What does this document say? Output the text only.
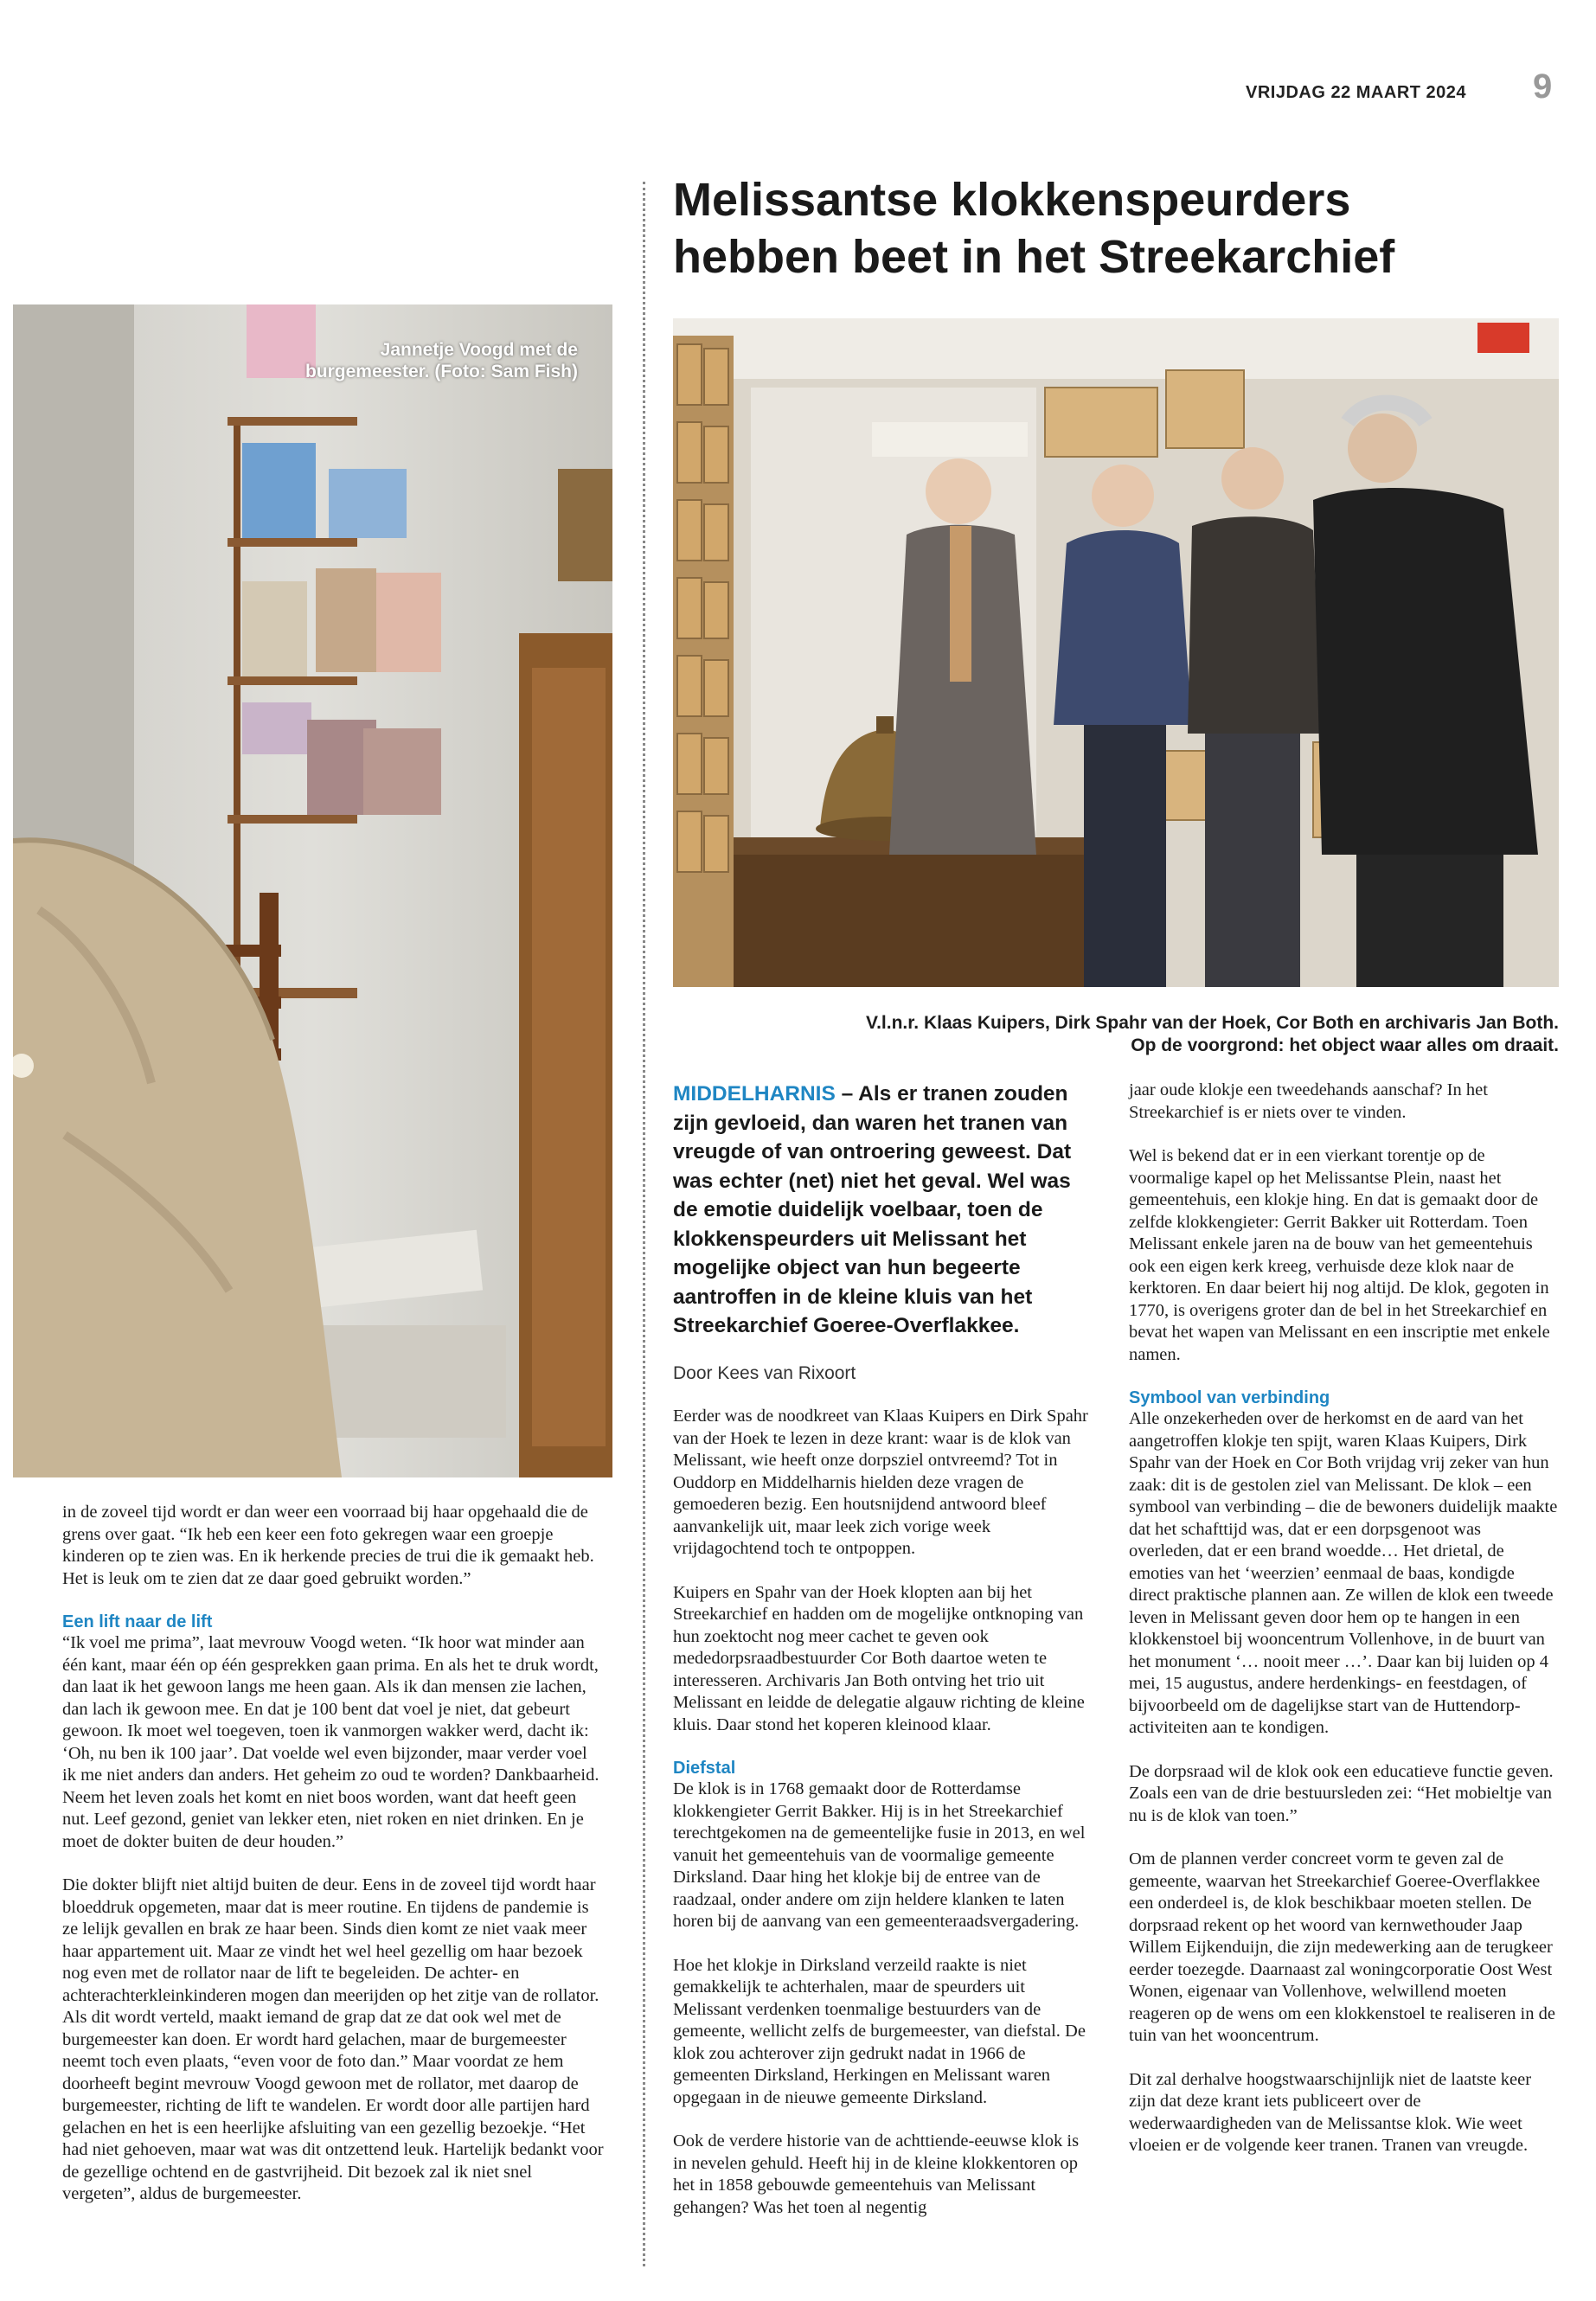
VRIJDAG 22 MAART 2024 9
Melissantse klokkenspeurders
hebben beet in het Streekarchief
Jannetje Voogd met de
burgemeester. (Foto: Sam Fish)
V.l.n.r. Klaas Kuipers, Dirk Spahr van der Hoek, Cor Both en archivaris Jan Both.
Op de voorgrond: het object waar alles om draait.

in de zoveel tijd wordt er dan weer een voorraad bij haar opgehaald die de grens over gaat. “Ik heb een keer een foto gekregen waar een groepje kinderen op te zien was. En ik herkende precies de trui die ik gemaakt heb. Het is leuk om te zien dat ze daar goed gebruikt worden.”

Een lift naar de lift

“Ik voel me prima”, laat mevrouw Voogd weten. “Ik hoor wat minder aan één kant, maar één op één gesprekken gaan prima. En als het te druk wordt, dan laat ik het gewoon langs me heen gaan. Als ik dan mensen zie lachen, dan lach ik gewoon mee. En dat je 100 bent dat voel je niet, dat gebeurt gewoon. Ik moet wel toegeven, toen ik vanmorgen wakker werd, dacht ik: ‘Oh, nu ben ik 100 jaar’. Dat voelde wel even bijzonder, maar verder voel ik me niet anders dan anders. Het geheim zo oud te worden? Dankbaarheid. Neem het leven zoals het komt en niet boos worden, want dat heeft geen nut. Leef gezond, geniet van lekker eten, niet roken en niet drinken. En je moet de dokter buiten de deur houden.”

Die dokter blijft niet altijd buiten de deur. Eens in de zoveel tijd wordt haar bloeddruk opgemeten, maar dat is meer routine. En tijdens de pandemie is ze lelijk gevallen en brak ze haar been. Sinds dien komt ze niet vaak meer haar appartement uit. Maar ze vindt het wel heel gezellig om haar bezoek nog even met de rollator naar de lift te begeleiden. De achter- en achterachterkleinkinderen mogen dan meerijden op het zitje van de rollator. Als dit wordt verteld, maakt iemand de grap dat ze dat ook wel met de burgemeester kan doen. Er wordt hard gelachen, maar de burgemeester neemt toch even plaats, “even voor de foto dan.” Maar voordat ze hem doorheeft begint mevrouw Voogd gewoon met de rollator, met daarop de burgemeester, richting de lift te wandelen. Er wordt door alle partijen hard gelachen en het is een heerlijke afsluiting van een gezellig bezoekje. “Het had niet gehoeven, maar wat was dit ontzettend leuk. Hartelijk bedankt voor de gezellige ochtend en de gastvrijheid. Dit bezoek zal ik niet snel vergeten”, aldus de burgemeester.

MIDDELHARNIS – Als er tranen zouden zijn gevloeid, dan waren het tranen van vreugde of van ontroering geweest. Dat was echter (net) niet het geval. Wel was de emotie duidelijk voelbaar, toen de klokkenspeurders uit Melissant het mogelijke object van hun begeerte aantroffen in de kleine kluis van het Streekarchief Goeree-Overflakkee.

Door Kees van Rixoort

Eerder was de noodkreet van Klaas Kuipers en Dirk Spahr van der Hoek te lezen in deze krant: waar is de klok van Melissant, wie heeft onze dorpsziel ontvreemd? Tot in Ouddorp en Middelharnis hielden deze vragen de gemoederen bezig. Een houtsnijdend antwoord bleef aanvankelijk uit, maar leek zich vorige week vrijdagochtend toch te ontpoppen.

Kuipers en Spahr van der Hoek klopten aan bij het Streekarchief en hadden om de mogelijke ontknoping van hun zoektocht nog meer cachet te geven ook mededorpsraadbestuurder Cor Both daartoe weten te interesseren. Archivaris Jan Both ontving het trio uit Melissant en leidde de delegatie algauw richting de kleine kluis. Daar stond het koperen kleinood klaar.

Diefstal

De klok is in 1768 gemaakt door de Rotterdamse klokkengieter Gerrit Bakker. Hij is in het Streekarchief terechtgekomen na de gemeentelijke fusie in 2013, en wel vanuit het gemeentehuis van de voormalige gemeente Dirksland. Daar hing het klokje bij de entree van de raadzaal, onder andere om zijn heldere klanken te laten horen bij de aanvang van een gemeenteraadsvergadering.

Hoe het klokje in Dirksland verzeild raakte is niet gemakkelijk te achterhalen, maar de speurders uit Melissant verdenken toenmalige bestuurders van de gemeente, wellicht zelfs de burgemeester, van diefstal. De klok zou achterover zijn gedrukt nadat in 1966 de gemeenten Dirksland, Herkingen en Melissant waren opgegaan in de nieuwe gemeente Dirksland.

Ook de verdere historie van de achttiende-eeuwse klok is in nevelen gehuld. Heeft hij in de kleine klokkentoren op het in 1858 gebouwde gemeentehuis van Melissant gehangen? Was het toen al negentig

jaar oude klokje een tweedehands aanschaf? In het Streekarchief is er niets over te vinden.

Wel is bekend dat er in een vierkant torentje op de voormalige kapel op het Melissantse Plein, naast het gemeentehuis, een klokje hing. En dat is gemaakt door de zelfde klokkengieter: Gerrit Bakker uit Rotterdam. Toen Melissant enkele jaren na de bouw van het gemeentehuis ook een eigen kerk kreeg, verhuisde deze klok naar de kerktoren. En daar beiert hij nog altijd. De klok, gegoten in 1770, is overigens groter dan de bel in het Streekarchief en bevat het wapen van Melissant en een inscriptie met enkele namen.

Symbool van verbinding

Alle onzekerheden over de herkomst en de aard van het aangetroffen klokje ten spijt, waren Klaas Kuipers, Dirk Spahr van der Hoek en Cor Both vrijdag vrij zeker van hun zaak: dit is de gestolen ziel van Melissant. De klok – een symbool van verbinding – die de bewoners duidelijk maakte dat het schafttijd was, dat er een dorpsgenoot was overleden, dat er een brand woedde… Het drietal, de emoties van het ‘weerzien’ eenmaal de baas, kondigde direct praktische plannen aan. Ze willen de klok een tweede leven in Melissant geven door hem op te hangen in een klokkenstoel bij wooncentrum Vollenhove, in de buurt van het monument ‘… nooit meer …’. Daar kan bij luiden op 4 mei, 15 augustus, andere herdenkings- en feestdagen, of bijvoorbeeld om de dagelijkse start van de Huttendorp-activiteiten aan te kondigen.

De dorpsraad wil de klok ook een educatieve functie geven. Zoals een van de drie bestuursleden zei: “Het mobieltje van nu is de klok van toen.”

Om de plannen verder concreet vorm te geven zal de gemeente, waarvan het Streekarchief Goeree-Overflakkee een onderdeel is, de klok beschikbaar moeten stellen. De dorpsraad rekent op het woord van kernwethouder Jaap Willem Eijkenduijn, die zijn medewerking aan de terugkeer eerder toezegde. Daarnaast zal woningcorporatie Oost West Wonen, eigenaar van Vollenhove, welwillend moeten reageren op de wens om een klokkenstoel te realiseren in de tuin van het wooncentrum.

Dit zal derhalve hoogstwaarschijnlijk niet de laatste keer zijn dat deze krant iets publiceert over de wederwaardigheden van de Melissantse klok. Wie weet vloeien er de volgende keer tranen. Tranen van vreugde.
